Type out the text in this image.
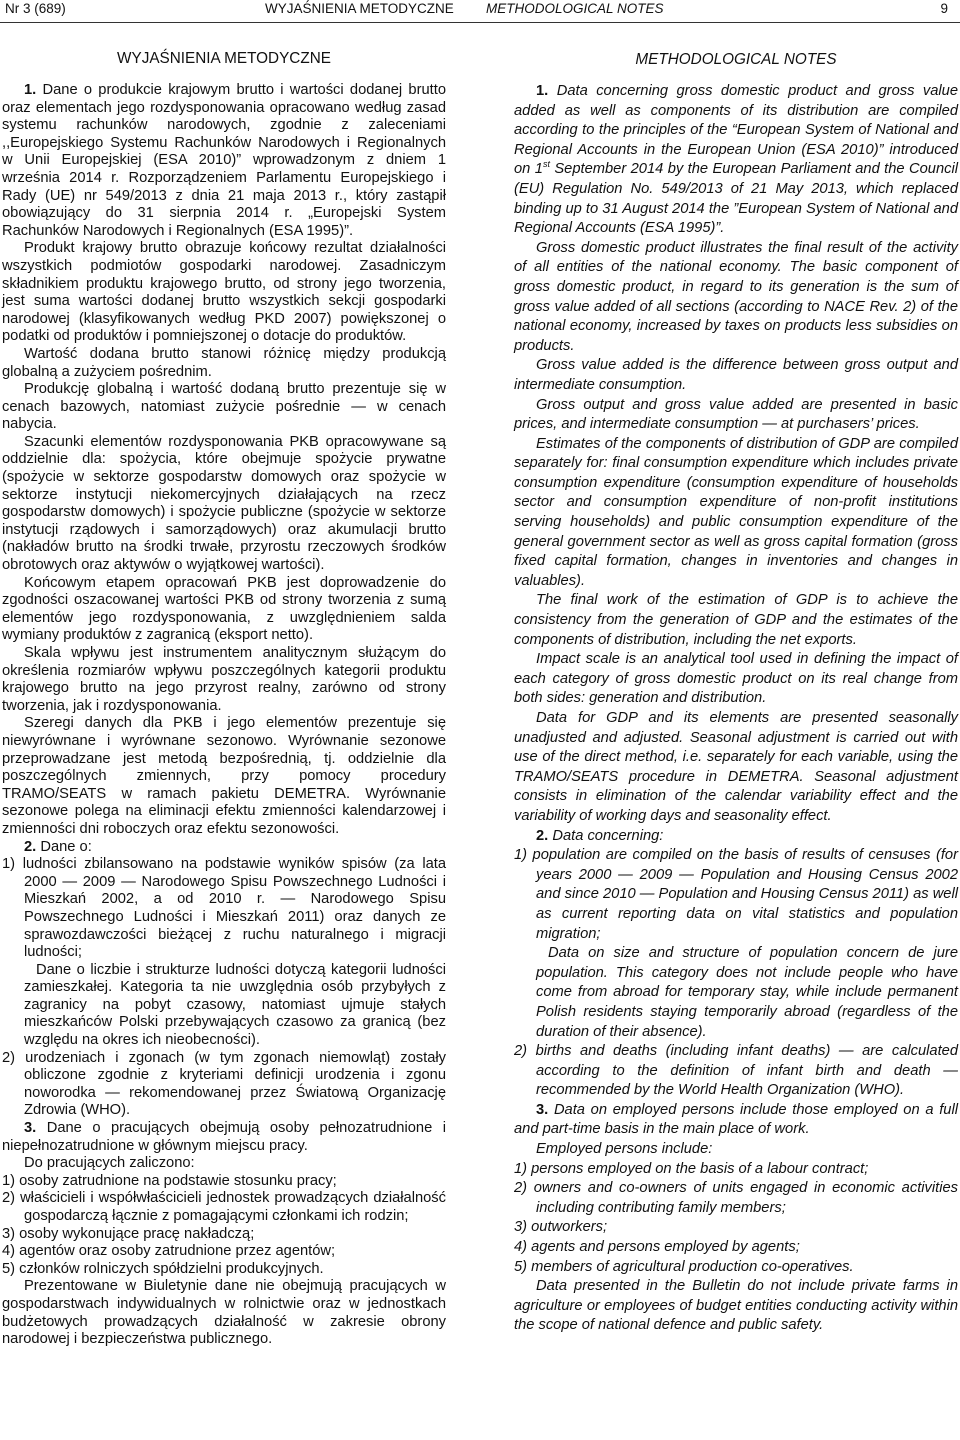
Nr 3 (689)	WYJAŚNIENIA METODYCZNE METHODOLOGICAL NOTES	9
WYJAŚNIENIA METODYCZNE

1. Dane o produkcie krajowym brutto i wartości dodanej brutto oraz elementach jego rozdysponowania opracowano według zasad systemu rachunków narodowych, zgodnie z zaleceniami ,,Europejskiego Systemu Rachunków Narodowych i Regionalnych w Unii Europejskiej (ESA 2010)” wprowadzonym z dniem 1 września 2014 r. Rozporządzeniem Parlamentu Europejskiego i Rady (UE) nr 549/2013 z dnia 21 maja 2013 r., który zastąpił obowiązujący do 31 sierpnia 2014 r. „Europejski System Rachunków Narodowych i Regionalnych (ESA 1995)”.

Produkt krajowy brutto obrazuje końcowy rezultat działalności wszystkich podmiotów gospodarki narodowej. Zasadniczym składnikiem produktu krajowego brutto, od strony jego tworzenia, jest suma wartości dodanej brutto wszystkich sekcji gospodarki narodowej (klasyfikowanych według PKD 2007) powiększonej o podatki od produktów i pomniejszonej o dotacje do produktów.

Wartość dodana brutto stanowi różnicę między produkcją globalną a zużyciem pośrednim.

Produkcję globalną i wartość dodaną brutto prezentuje się w cenach bazowych, natomiast zużycie pośrednie — w cenach nabycia.

Szacunki elementów rozdysponowania PKB opracowywane są oddzielnie dla: spożycia, które obejmuje spożycie prywatne (spożycie w sektorze gospodarstw domowych oraz spożycie w sektorze instytucji niekomercyjnych działających na rzecz gospodarstw domowych) i spożycie publiczne (spożycie w sektorze instytucji rządowych i samorządowych) oraz akumulacji brutto (nakładów brutto na środki trwałe, przyrostu rzeczowych środków obrotowych oraz aktywów o wyjątkowej wartości).

Końcowym etapem opracowań PKB jest doprowadzenie do zgodności oszacowanej wartości PKB od strony tworzenia z sumą elementów jego rozdysponowania, z uwzględnieniem salda wymiany produktów z zagranicą (eksport netto).

Skala wpływu jest instrumentem analitycznym służącym do określenia rozmiarów wpływu poszczególnych kategorii produktu krajowego brutto na jego przyrost realny, zarówno od strony tworzenia, jak i rozdysponowania.

Szeregi danych dla PKB i jego elementów prezentuje się niewyrównane i wyrównane sezonowo. Wyrównanie sezonowe przeprowadzane jest metodą bezpośrednią, tj. oddzielnie dla poszczególnych zmiennych, przy pomocy procedury TRAMO/SEATS w ramach pakietu DEMETRA. Wyrównanie sezonowe polega na eliminacji efektu zmienności kalendarzowej i zmienności dni roboczych oraz efektu sezonowości.

2. Dane o:

1) ludności zbilansowano na podstawie wyników spisów (za lata 2000 — 2009 — Narodowego Spisu Powszechnego Ludności i Mieszkań 2002, a od 2010 r. — Narodowego Spisu Powszechnego Ludności i Mieszkań 2011) oraz danych ze sprawozdawczości bieżącej z ruchu naturalnego i migracji ludności;

Dane o liczbie i strukturze ludności dotyczą kategorii ludności zamieszkałej. Kategoria ta nie uwzględnia osób przybyłych z zagranicy na pobyt czasowy, natomiast ujmuje stałych mieszkańców Polski przebywających czasowo za granicą (bez względu na okres ich nieobecności).

2) urodzeniach i zgonach (w tym zgonach niemowląt) zostały obliczone zgodnie z kryteriami definicji urodzenia i zgonu noworodka — rekomendowanej przez Światową Organizację Zdrowia (WHO).

3. Dane o pracujących obejmują osoby pełnozatrudnione i niepełnozatrudnione w głównym miejscu pracy.

Do pracujących zaliczono:

1) osoby zatrudnione na podstawie stosunku pracy;

2) właścicieli i współwłaścicieli jednostek prowadzących działalność gospodarczą łącznie z pomagającymi członkami ich rodzin;

3) osoby wykonujące pracę nakładczą;

4) agentów oraz osoby zatrudnione przez agentów;

5) członków rolniczych spółdzielni produkcyjnych.

Prezentowane w Biuletynie dane nie obejmują pracujących w gospodarstwach indywidualnych w rolnictwie oraz w jednostkach budżetowych prowadzących działalność w zakresie obrony narodowej i bezpieczeństwa publicznego.

METHODOLOGICAL NOTES

1. Data concerning gross domestic product and gross value added as well as components of its distribution are compiled according to the principles of the “European System of National and Regional Accounts in the European Union (ESA 2010)” introduced on 1st September 2014 by the European Parliament and the Council (EU) Regulation No. 549/2013 of 21 May 2013, which replaced binding up to 31 August 2014 the ”European System of National and Regional Accounts (ESA 1995)”.

Gross domestic product illustrates the final result of the activity of all entities of the national economy. The basic component of gross domestic product, in regard to its generation is the sum of gross value added of all sections (according to NACE Rev. 2) of the national economy, increased by taxes on products less subsidies on products.

Gross value added is the difference between gross output and intermediate consumption.

Gross output and gross value added are presented in basic prices, and intermediate consumption — at purchasers’ prices.

Estimates of the components of distribution of GDP are compiled separately for: final consumption expenditure which includes private consumption expenditure (consumption expenditure of households sector and consumption expenditure of non-profit institutions serving households) and public consumption expenditure of the general government sector as well as gross capital formation (gross fixed capital formation, changes in inventories and changes in valuables).

The final work of the estimation of GDP is to achieve the consistency from the generation of GDP and the estimates of the components of distribution, including the net exports.

Impact scale is an analytical tool used in defining the impact of each category of gross domestic product on its real change from both sides: generation and distribution.

Data for GDP and its elements are presented seasonally unadjusted and adjusted. Seasonal adjustment is carried out with use of the direct method, i.e. separately for each variable, using the TRAMO/SEATS procedure in DEMETRA. Seasonal adjustment consists in elimination of the calendar variability effect and the variability of working days and seasonality effect.

2. Data concerning:

1) population are compiled on the basis of results of censuses (for years 2000 — 2009 — Population and Housing Census 2002 and since 2010 — Population and Housing Census 2011) as well as current reporting data on vital statistics and population migration;

Data on size and structure of population concern de jure population. This category does not include people who have come from abroad for temporary stay, while include permanent Polish residents staying temporarily abroad (regardless of the duration of their absence).

2) births and deaths (including infant deaths) — are calculated according to the definition of infant birth and death — recommended by the World Health Organization (WHO).

3. Data on employed persons include those employed on a full and part-time basis in the main place of work.

Employed persons include:

1) persons employed on the basis of a labour contract;

2) owners and co-owners of units engaged in economic activities including contributing family members;

3) outworkers;

4) agents and persons employed by agents;

5) members of agricultural production co-operatives.

Data presented in the Bulletin do not include private farms in agriculture or employees of budget entities conducting activity within the scope of national defence and public safety.
